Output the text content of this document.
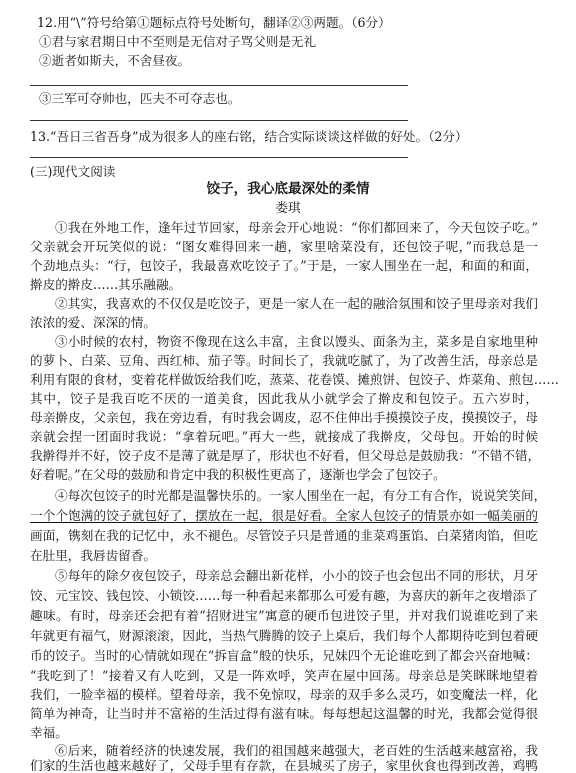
12.用“\”符号给第①题标点符号处断句，翻译②③两题。（6分）
①君与家君期日中不至则是无信对子骂父则是无礼
②逝者如斯夫，不舍昼夜。
③三军可夺帅也，匹夫不可夺志也。
13.“吾日三省吾身”成为很多人的座右铭，结合实际谈谈这样做的好处。（2分）
(三)现代文阅读
饺子，我心底最深处的柔情
娄琪
①我在外地工作，逢年过节回家，母亲会开心地说：“你们都回来了，今天包饺子吃。”
父亲就会开玩笑似的说：“图女难得回来一趟，家里啥菜没有，还包饺子呢，”而我总是一
个劲地点头：“行，包饺子，我最喜欢吃饺子了。”于是，一家人围坐在一起，和面的和面，
擀皮的擀皮……其乐融融。
②其实，我喜欢的不仅仅是吃饺子，更是一家人在一起的融洽氛围和饺子里母亲对我们
浓浓的爱、深深的情。
③小时候的农村，物资不像现在这么丰富，主食以馒头、面条为主，菜多是自家地里种
的萝卜、白菜、豆角、西红柿、茄子等。时间长了，我就吃腻了，为了改善生活，母亲总是
利用有限的食材，变着花样做饭给我们吃，蒸菜、花卷馍、摊煎饼、包饺子、炸菜角、煎包……
其中，饺子是我百吃不厌的一道美食，因此我从小就学会了擀皮和包饺子。五六岁时，
母亲擀皮，父亲包，我在旁边看，有时我会调皮，忍不住伸出手摸摸饺子皮，摸摸饺子，母
亲就会捏一团面时我说：“拿着玩吧。”再大一些，就接成了我擀皮，父母包。开始的时候
我擀得并不好，饺子皮不是薄了就是厚了，形状也不好看，但父母总是鼓励我：“不错不错，
好着呢。”在父母的鼓励和肯定中我的积极性更高了，逐渐也学会了包饺子。
④每次包饺子的时光都是温馨快乐的。一家人围坐在一起，有分工有合作，说说笑笑间，
一个个饱满的饺子就包好了，摆放在一起，很是好看。全家人包饺子的情景亦如一幅美丽的
画面，镌刻在我的记忆中，永不褪色。尽管饺子只是普通的韭菜鸡蛋馅、白菜猪肉馅，但吃
在肚里，我唇齿留香。
⑤每年的除夕夜包饺子，母亲总会翻出新花样，小小的饺子也会包出不同的形状，月牙
饺、元宝饺、钱包饺、小锁饺……每一种看起来都那么可爱有趣，为喜庆的新年之夜增添了
趣味。有时，母亲还会把有着“招财进宝”寓意的硬币包进饺子里，并对我们说谁吃到了来
年就更有福气，财源滚滚，因此，当热气腾腾的饺子上桌后，我们每个人都期待吃到包着硬
币的饺子。当时的心情就如现在“拆盲盒”般的快乐，兄妹四个无论谁吃到了都会兴奋地喊：
“我吃到了！”接着又有人吃到，又是一阵欢呼，笑声在屋中回荡。母亲总是笑眯眯地望着
我们，一脸幸福的模样。望着母亲，我不免惊叹，母亲的双手多么灵巧，如变魔法一样，化
简单为神奇，让当时并不富裕的生活过得有滋有味。每每想起这温馨的时光，我都会觉得很
幸福。
⑥后来，随着经济的快速发展，我们的祖国越来越强大，老百姓的生活越来越富裕，我
们家的生活也越来越好了，父母手里有存款，在县城买了房子，家里伙食也得到改善，鸡鸭
